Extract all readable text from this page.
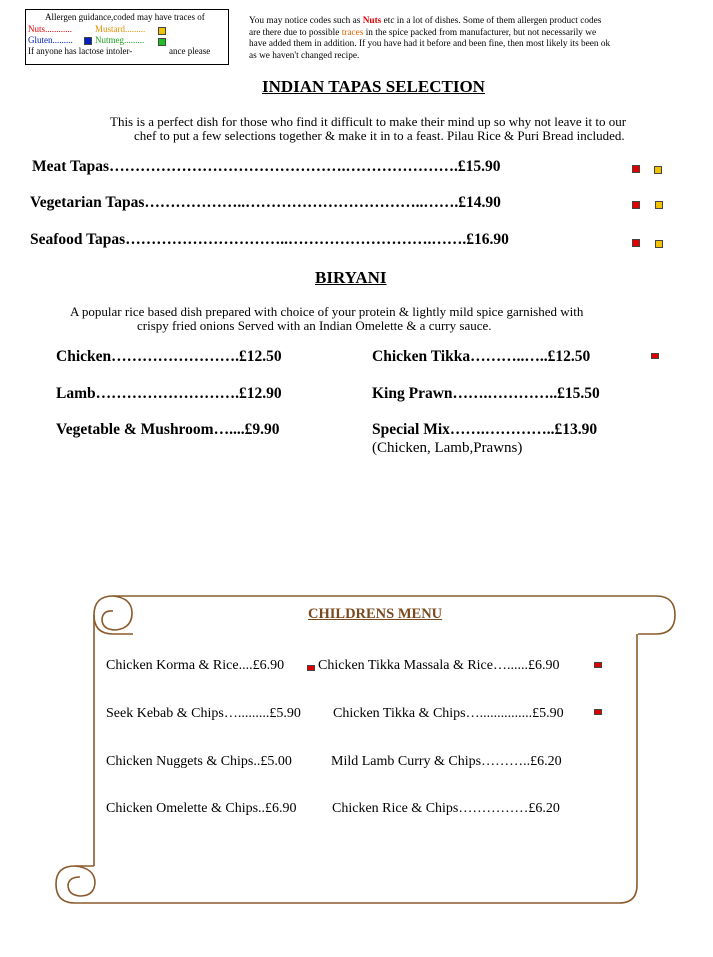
Allergen guidance,coded may have traces of
Nuts............	Mustard.........
Gluten......... Nutmeg.........
If anyone has lactose intoler-	ance please
You may notice codes such as Nuts etc in a lot of dishes. Some of them allergen product codes
are there due to possible traces in the spice packed from manufacturer, but not necessarily we
have added them in addition. If you have had it before and been fine, then most likely its been ok
as we haven't changed recipe.
INDIAN TAPAS SELECTION
This is a perfect dish for those who find it difficult to make their mind up so why not leave it to our
chef to put a few selections together & make it in to a feast. Pilau Rice & Puri Bread included.
Meat Tapas……………………………………….………………….£15.90
Vegetarian Tapas………………..……………………………..…….£14.90
Seafood Tapas…………………………..……………………….…….£16.90
BIRYANI
A popular rice based dish prepared with choice of your protein & lightly mild spice garnished with
crispy fried onions Served with an Indian Omelette & a curry sauce.
Chicken…………………….£12.50
Lamb……………………….£12.90
Vegetable & Mushroom…....£9.90
Chicken Tikka………..…..£12.50
King Prawn…….…………..£15.50
Special Mix…….…………..£13.90
(Chicken, Lamb,Prawns)
CHILDRENS MENU
Chicken Korma & Rice....£6.90
Seek Kebab & Chips….........£5.90
Chicken Nuggets & Chips..£5.00
Chicken Omelette & Chips..£6.90
Chicken Tikka Massala & Rice…......£6.90
Chicken Tikka & Chips…...............£5.90
Mild Lamb Curry & Chips………..£6.20
Chicken Rice & Chips……………£6.20
